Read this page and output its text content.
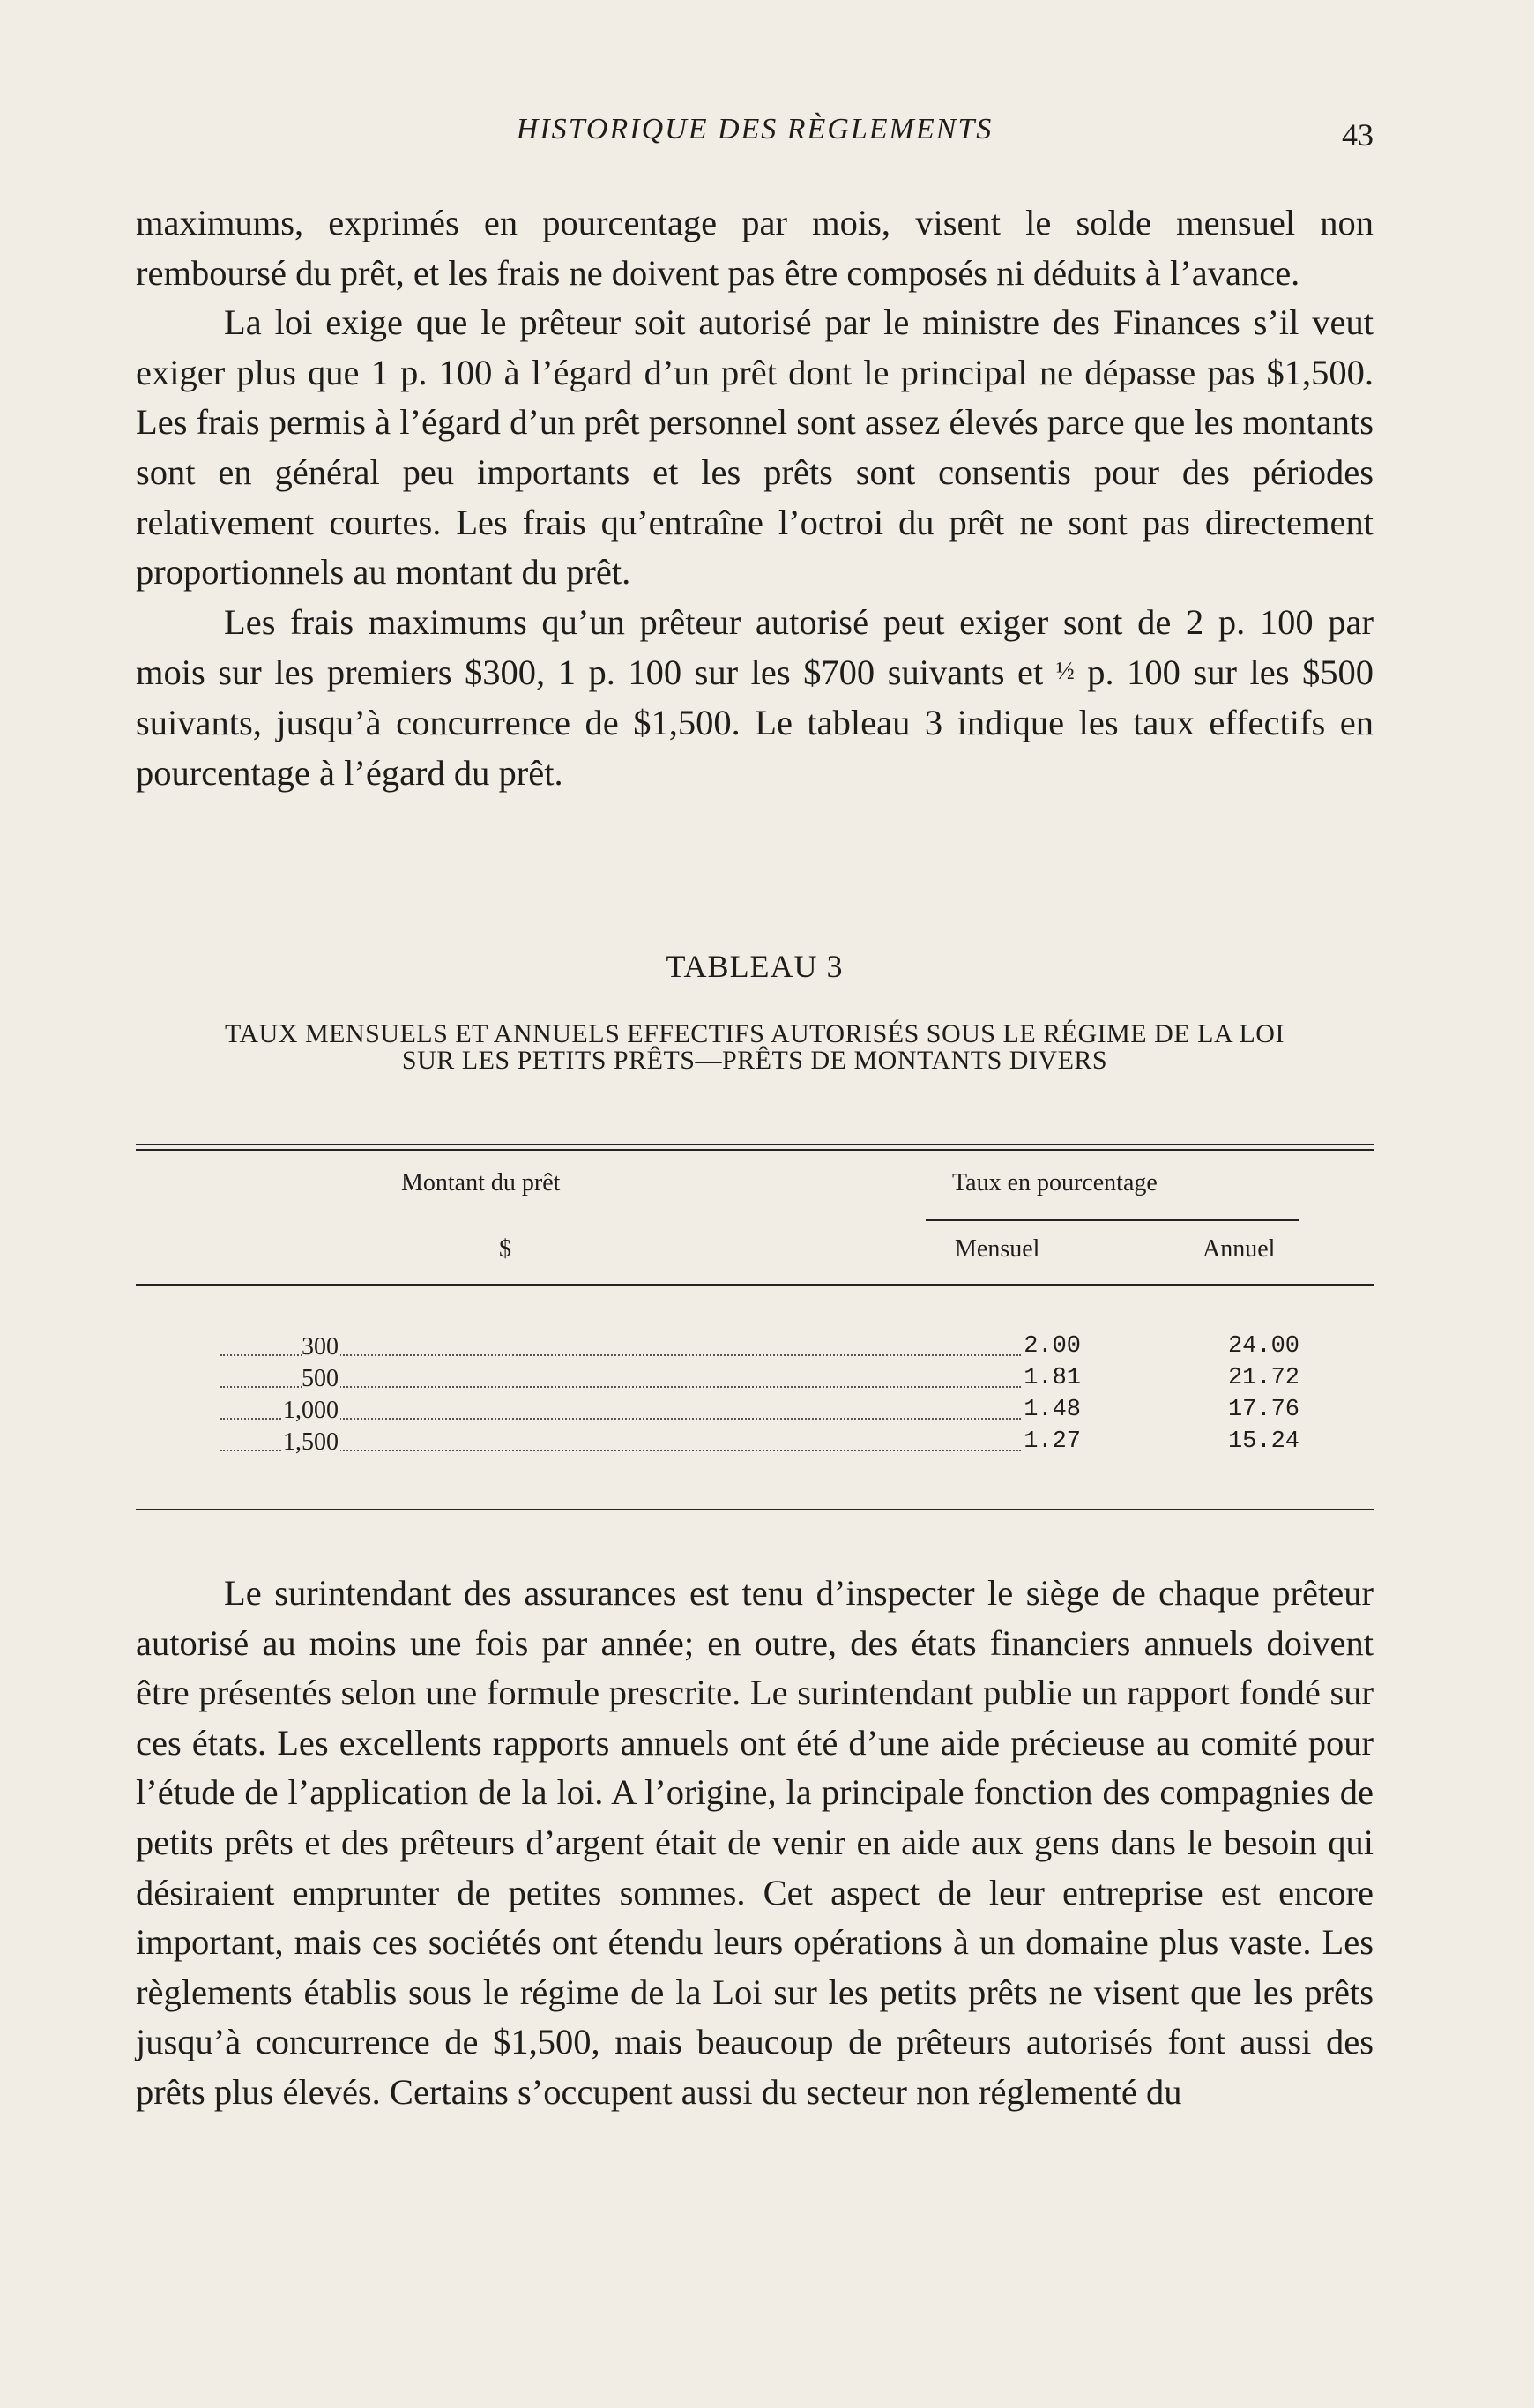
HISTORIQUE DES RÈGLEMENTS	43

maximums, exprimés en pourcentage par mois, visent le solde mensuel non remboursé du prêt, et les frais ne doivent pas être composés ni déduits à l’avance.

La loi exige que le prêteur soit autorisé par le ministre des Finances s’il veut exiger plus que 1 p. 100 à l’égard d’un prêt dont le principal ne dépasse pas $1,500. Les frais permis à l’égard d’un prêt personnel sont assez élevés parce que les montants sont en général peu importants et les prêts sont consentis pour des périodes relativement courtes. Les frais qu’entraîne l’octroi du prêt ne sont pas directement proportionnels au montant du prêt.

Les frais maximums qu’un prêteur autorisé peut exiger sont de 2 p. 100 par mois sur les premiers $300, 1 p. 100 sur les $700 suivants et ½ p. 100 sur les $500 suivants, jusqu’à concurrence de $1,500. Le tableau 3 indique les taux effectifs en pourcentage à l’égard du prêt.

TABLEAU 3
TAUX MENSUELS ET ANNUELS EFFECTIFS AUTORISÉS SOUS LE RÉGIME DE LA LOI SUR LES PETITS PRÊTS—PRÊTS DE MONTANTS DIVERS
Montant du prêt	Taux en pourcentage
$	Mensuel	Annuel
300	2.00	24.00
500	1.81	21.72
1,000	1.48	17.76
1,500	1.27	15.24

Le surintendant des assurances est tenu d’inspecter le siège de chaque prêteur autorisé au moins une fois par année; en outre, des états financiers annuels doivent être présentés selon une formule prescrite. Le surintendant publie un rapport fondé sur ces états. Les excellents rapports annuels ont été d’une aide précieuse au comité pour l’étude de l’application de la loi. A l’origine, la principale fonction des compagnies de petits prêts et des prêteurs d’argent était de venir en aide aux gens dans le besoin qui désiraient emprunter de petites sommes. Cet aspect de leur entreprise est encore important, mais ces sociétés ont étendu leurs opérations à un domaine plus vaste. Les règlements établis sous le régime de la Loi sur les petits prêts ne visent que les prêts jusqu’à concurrence de $1,500, mais beaucoup de prêteurs autorisés font aussi des prêts plus élevés. Certains s’occupent aussi du secteur non réglementé du
